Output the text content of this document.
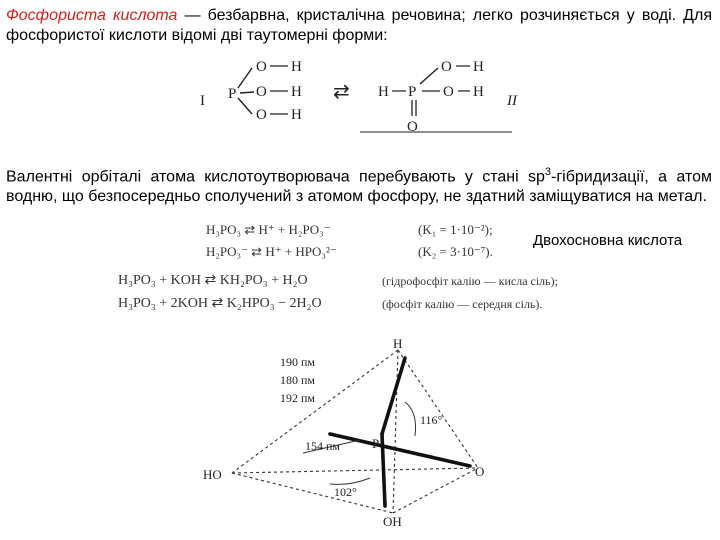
Фосфориста кислота — безбарвна, кристалічна речовина; легко розчиняється у воді. Для фосфористої кислоти відомі дві таутомерні форми:
I P
O
O
O
H
H
H
⇄ H P
O
O
O
H
H
II
Валентні орбіталі атома кислотоутворювача перебувають у стані $sp^3$-гібридизації, а атом водню, що безпосередньо сполучений з атомом фосфору, не здатний заміщуватися на метал.
H₃PO₃ ⇄ H⁺ + H₂PO₃⁻	(K₁ = 1·10⁻²);
H₂PO₃⁻ ⇄ H⁺ + HPO₃²⁻	(K₂ = 3·10⁻⁷).
Двохосновна кислота
H₃PO₃ + KOH ⇄ KH₂PO₃ + H₂O	(гідрофосфіт калію — кисла сіль);
H₃PO₃ + 2KOH ⇄ K₂HPO₃ − 2H₂O	(фосфіт калію — середня сіль).
H
190 пм
180 пм
192 пм
116°
154 пм P
O
HO
102°
OH
